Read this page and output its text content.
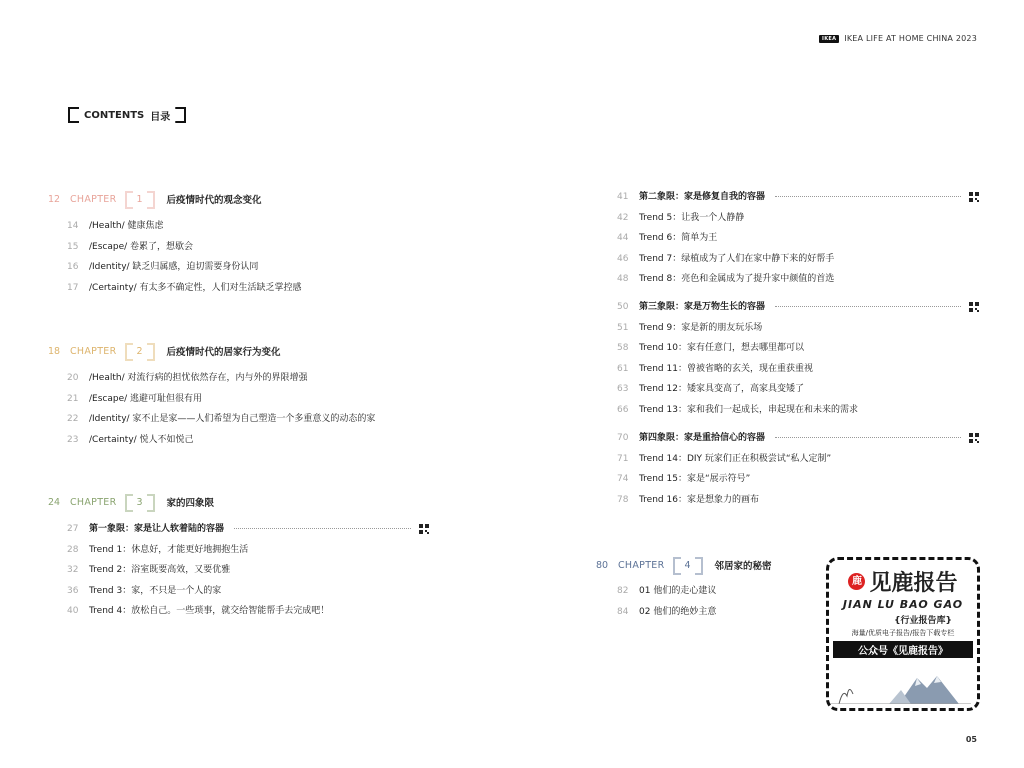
IKEA	IKEA LIFE AT HOME CHINA 2023
CONTENTS 目录
12	CHAPTER	1	后疫情时代的观念变化
14	/Health/ 健康焦虑
15	/Escape/ 卷累了，想歇会
16	/Identity/ 缺乏归属感，迫切需要身份认同
17	/Certainty/ 有太多不确定性，人们对生活缺乏掌控感
18	CHAPTER	2	后疫情时代的居家行为变化
20	/Health/ 对流行病的担忧依然存在，内与外的界限增强
21	/Escape/ 逃避可耻但很有用
22	/Identity/ 家不止是家——人们希望为自己塑造一个多重意义的动态的家
23	/Certainty/ 悦人不如悦己
24	CHAPTER	3	家的四象限
27	第一象限：家是让人软着陆的容器
28	Trend 1：休息好，才能更好地拥抱生活
32	Trend 2：浴室既要高效，又要优雅
36	Trend 3：家，不只是一个人的家
40	Trend 4：放松自己。一些琐事，就交给智能帮手去完成吧！
41	第二象限：家是修复自我的容器
42	Trend 5：让我一个人静静
44	Trend 6：简单为王
46	Trend 7：绿植成为了人们在家中静下来的好帮手
48	Trend 8：亮色和金属成为了提升家中颜值的首选
50	第三象限：家是万物生长的容器
51	Trend 9：家是新的朋友玩乐场
58	Trend 10：家有任意门，想去哪里都可以
61	Trend 11：曾被省略的玄关，现在重获重视
63	Trend 12：矮家具变高了，高家具变矮了
66	Trend 13：家和我们一起成长，串起现在和未来的需求
70	第四象限：家是重拾信心的容器
71	Trend 14：DIY 玩家们正在积极尝试“私人定制”
74	Trend 15：家是“展示符号”
78	Trend 16：家是想象力的画布
80	CHAPTER	4	邻居家的秘密
82	01 他们的走心建议
84	02 他们的绝妙主意
鹿 见鹿报告
JIAN LU BAO GAO
{行业报告库}
海量/优质电子报告/报告下载专栏
公众号《见鹿报告》
05
